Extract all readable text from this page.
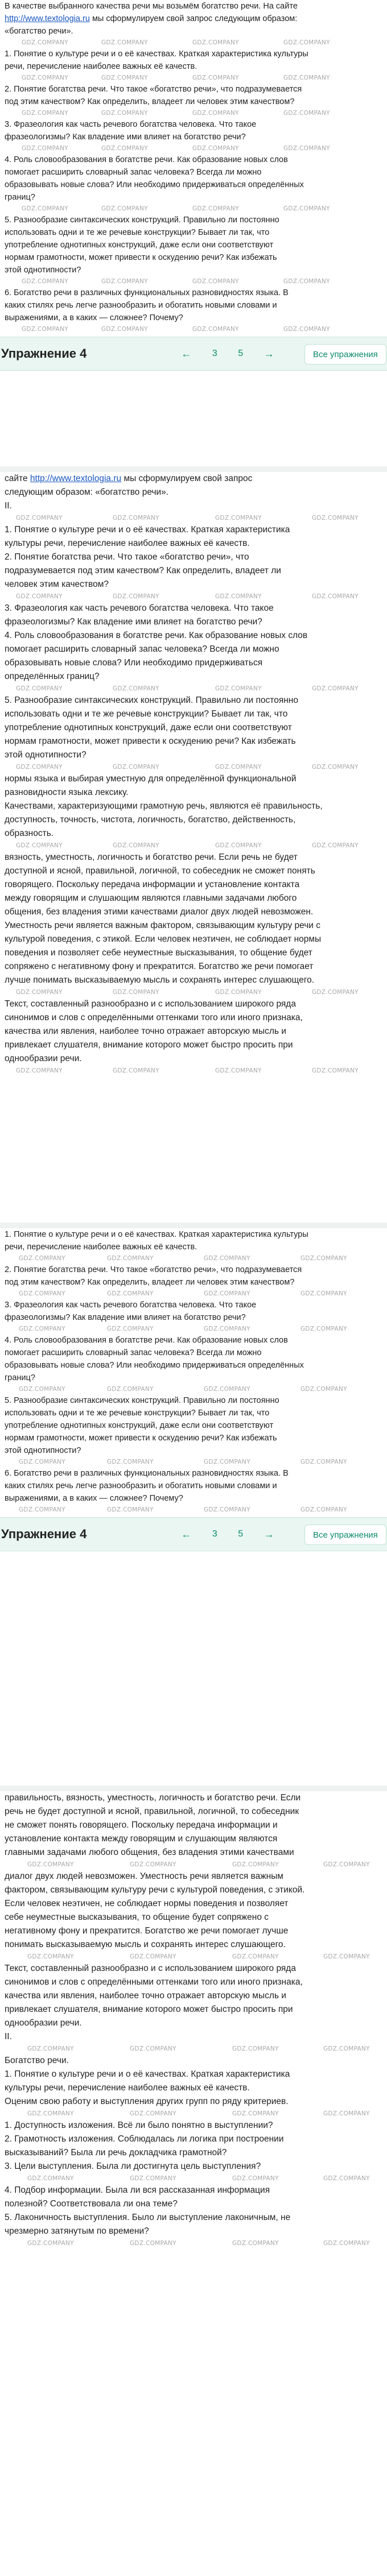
В качестве выбранного качества речи мы возьмём богатство речи. На сайте

http://www.textologia.ru мы сформулируем свой запрос следующим образом:

«богатство речи».

GDZ.COMPANY	GDZ.COMPANY	GDZ.COMPANY	GDZ.COMPANY

1. Понятие о культуре речи и о её качествах. Краткая характеристика культуры

речи, перечисление наиболее важных её качеств.

GDZ.COMPANY	GDZ.COMPANY	GDZ.COMPANY	GDZ.COMPANY

2. Понятие богатства речи. Что такое «богатство речи», что подразумевается

под этим качеством? Как определить, владеет ли человек этим качеством?

GDZ.COMPANY	GDZ.COMPANY	GDZ.COMPANY	GDZ.COMPANY

3. Фразеология как часть речевого богатства человека. Что такое

фразеологизмы? Как владение ими влияет на богатство речи?

GDZ.COMPANY	GDZ.COMPANY	GDZ.COMPANY	GDZ.COMPANY

4. Роль словообразования в богатстве речи. Как образование новых слов

помогает расширить словарный запас человека? Всегда ли можно

образовывать новые слова? Или необходимо придерживаться определённых

границ?

GDZ.COMPANY	GDZ.COMPANY	GDZ.COMPANY	GDZ.COMPANY

5. Разнообразие синтаксических конструкций. Правильно ли постоянно

использовать одни и те же речевые конструкции? Бывает ли так, что

употребление однотипных конструкций, даже если они соответствуют

нормам грамотности, может привести к оскудению речи? Как избежать

этой однотипности?

GDZ.COMPANY	GDZ.COMPANY	GDZ.COMPANY	GDZ.COMPANY

6. Богатство речи в различных функциональных разновидностях языка. В

каких стилях речь легче разнообразить и обогатить новыми словами и

выражениями, а в каких — сложнее? Почему?

GDZ.COMPANY	GDZ.COMPANY	GDZ.COMPANY	GDZ.COMPANY
Упражнение 4	← 3 5 →	Все упражнения

сайте http://www.textologia.ru мы сформулируем свой запрос

следующим образом: «богатство речи».

II.

GDZ.COMPANY	GDZ.COMPANY	GDZ.COMPANY	GDZ.COMPANY

1. Понятие о культуре речи и о её качествах. Краткая характеристика

культуры речи, перечисление наиболее важных её качеств.

2. Понятие богатства речи. Что такое «богатство речи», что

подразумевается под этим качеством? Как определить, владеет ли

человек этим качеством?

GDZ.COMPANY	GDZ.COMPANY	GDZ.COMPANY	GDZ.COMPANY

3. Фразеология как часть речевого богатства человека. Что такое

фразеологизмы? Как владение ими влияет на богатство речи?

4. Роль словообразования в богатстве речи. Как образование новых слов

помогает расширить словарный запас человека? Всегда ли можно

образовывать новые слова? Или необходимо придерживаться

определённых границ?

GDZ.COMPANY	GDZ.COMPANY	GDZ.COMPANY	GDZ.COMPANY

5. Разнообразие синтаксических конструкций. Правильно ли постоянно

использовать одни и те же речевые конструкции? Бывает ли так, что

употребление однотипных конструкций, даже если они соответствуют

нормам грамотности, может привести к оскудению речи? Как избежать

этой однотипности?

GDZ.COMPANY	GDZ.COMPANY	GDZ.COMPANY	GDZ.COMPANY

нормы языка и выбирая уместную для определённой функциональной

разновидности языка лексику.

Качествами, характеризующими грамотную речь, являются её правильность,

доступность, точность, чистота, логичность, богатство, действенность,

образность.

GDZ.COMPANY	GDZ.COMPANY	GDZ.COMPANY	GDZ.COMPANY

вязность, уместность, логичность и богатство речи. Если речь не будет

доступной и ясной, правильной, логичной, то собеседник не сможет понять

говорящего. Поскольку передача информации и установление контакта

между говорящим и слушающим являются главными задачами любого

общения, без владения этими качествами диалог двух людей невозможен.

Уместность речи является важным фактором, связывающим культуру речи с

культурой поведения, с этикой. Если человек неэтичен, не соблюдает нормы

поведения и позволяет себе неуместные высказывания, то общение будет

сопряжено с негативному фону и прекратится. Богатство же речи помогает

лучше понимать высказываемую мысль и сохранять интерес слушающего.

GDZ.COMPANY	GDZ.COMPANY	GDZ.COMPANY	GDZ.COMPANY

Текст, составленный разнообразно и с использованием широкого ряда

синонимов и слов с определёнными оттенками того или иного признака,

качества или явления, наиболее точно отражает авторскую мысль и

привлекает слушателя, внимание которого может быстро просить при

однообразии речи.

GDZ.COMPANY	GDZ.COMPANY	GDZ.COMPANY	GDZ.COMPANY

1. Понятие о культуре речи и о её качествах. Краткая характеристика культуры

речи, перечисление наиболее важных её качеств.

GDZ.COMPANY	GDZ.COMPANY	GDZ.COMPANY	GDZ.COMPANY

2. Понятие богатства речи. Что такое «богатство речи», что подразумевается

под этим качеством? Как определить, владеет ли человек этим качеством?

GDZ.COMPANY	GDZ.COMPANY	GDZ.COMPANY	GDZ.COMPANY

3. Фразеология как часть речевого богатства человека. Что такое

фразеологизмы? Как владение ими влияет на богатство речи?

GDZ.COMPANY	GDZ.COMPANY	GDZ.COMPANY	GDZ.COMPANY

4. Роль словообразования в богатстве речи. Как образование новых слов

помогает расширить словарный запас человека? Всегда ли можно

образовывать новые слова? Или необходимо придерживаться определённых

границ?

GDZ.COMPANY	GDZ.COMPANY	GDZ.COMPANY	GDZ.COMPANY

5. Разнообразие синтаксических конструкций. Правильно ли постоянно

использовать одни и те же речевые конструкции? Бывает ли так, что

употребление однотипных конструкций, даже если они соответствуют

нормам грамотности, может привести к оскудению речи? Как избежать

этой однотипности?

GDZ.COMPANY	GDZ.COMPANY	GDZ.COMPANY	GDZ.COMPANY

6. Богатство речи в различных функциональных разновидностях языка. В

каких стилях речь легче разнообразить и обогатить новыми словами и

выражениями, а в каких — сложнее? Почему?

GDZ.COMPANY	GDZ.COMPANY	GDZ.COMPANY	GDZ.COMPANY
Упражнение 4	← 3 5 →	Все упражнения

правильность, вязность, уместность, логичность и богатство речи. Если

речь не будет доступной и ясной, правильной, логичной, то собеседник

не сможет понять говорящего. Поскольку передача информации и

установление контакта между говорящим и слушающим являются

главными задачами любого общения, без владения этими качествами

GDZ.COMPANY	GDZ.COMPANY	GDZ.COMPANY	GDZ.COMPANY

диалог двух людей невозможен. Уместность речи является важным

фактором, связывающим культуру речи с культурой поведения, с этикой.

Если человек неэтичен, не соблюдает нормы поведения и позволяет

себе неуместные высказывания, то общение будет сопряжено с

негативному фону и прекратится. Богатство же речи помогает лучше

понимать высказываемую мысль и сохранять интерес слушающего.

GDZ.COMPANY	GDZ.COMPANY	GDZ.COMPANY	GDZ.COMPANY

Текст, составленный разнообразно и с использованием широкого ряда

синонимов и слов с определёнными оттенками того или иного признака,

качества или явления, наиболее точно отражает авторскую мысль и

привлекает слушателя, внимание которого может быстро просить при

однообразии речи.

II.

GDZ.COMPANY	GDZ.COMPANY	GDZ.COMPANY	GDZ.COMPANY

Богатство речи.

1. Понятие о культуре речи и о её качествах. Краткая характеристика

культуры речи, перечисление наиболее важных её качеств.

Оценим свою работу и выступления других групп по ряду критериев.

GDZ.COMPANY	GDZ.COMPANY	GDZ.COMPANY	GDZ.COMPANY

1. Доступность изложения. Всё ли было понятно в выступлении?

2. Грамотность изложения. Соблюдалась ли логика при построении

высказываний? Была ли речь докладчика грамотной?

3. Цели выступления. Была ли достигнута цель выступления?

GDZ.COMPANY	GDZ.COMPANY	GDZ.COMPANY	GDZ.COMPANY

4. Подбор информации. Была ли вся рассказанная информация

полезной? Соответствовала ли она теме?

5. Лаконичность выступления. Было ли выступление лаконичным, не

чрезмерно затянутым по времени?

GDZ.COMPANY	GDZ.COMPANY	GDZ.COMPANY	GDZ.COMPANY
